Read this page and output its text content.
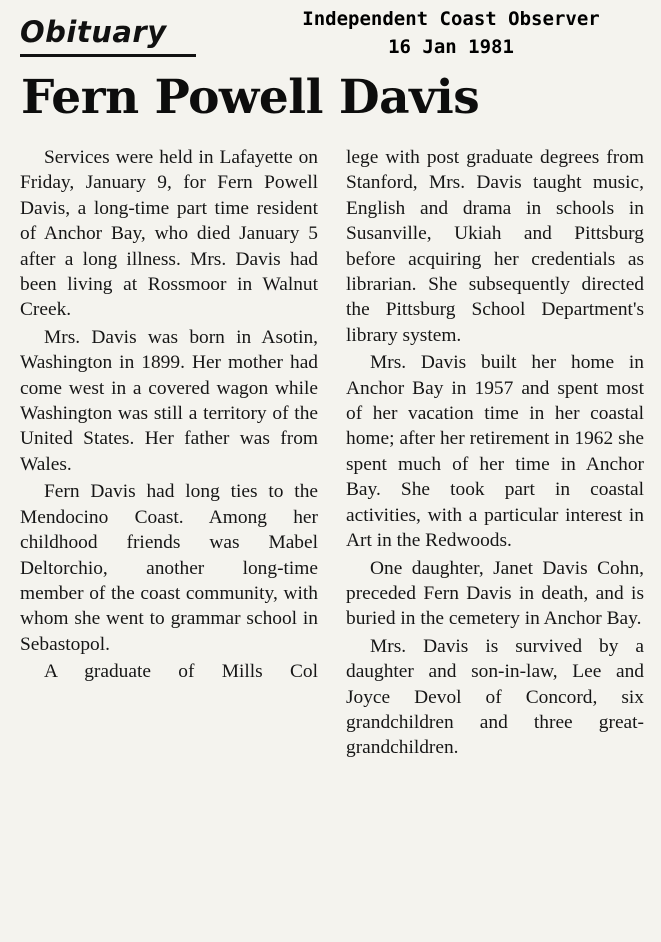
Obituary	Independent Coast Observer
16 Jan 1981
Fern Powell Davis

Services were held in Lafayette on Friday, January 9, for Fern Powell Davis, a long-time part time resident of Anchor Bay, who died January 5 after a long illness. Mrs. Davis had been living at Rossmoor in Walnut Creek.

Mrs. Davis was born in Asotin, Washington in 1899. Her mother had come west in a covered wagon while Washington was still a territory of the United States. Her father was from Wales.

Fern Davis had long ties to the Mendocino Coast. Among her childhood friends was Mabel Deltorchio, another long-time member of the coast community, with whom she went to grammar school in Sebastopol.

A graduate of Mills Col

lege with post graduate degrees from Stanford, Mrs. Davis taught music, English and drama in schools in Susanville, Ukiah and Pittsburg before acquiring her credentials as librarian. She subsequently directed the Pittsburg School Department's library system.

Mrs. Davis built her home in Anchor Bay in 1957 and spent most of her vacation time in her coastal home; after her retirement in 1962 she spent much of her time in Anchor Bay. She took part in coastal activities, with a particular interest in Art in the Redwoods.

One daughter, Janet Davis Cohn, preceded Fern Davis in death, and is buried in the cemetery in Anchor Bay.

Mrs. Davis is survived by a daughter and son-in-law, Lee and Joyce Devol of Concord, six grandchildren and three great-grandchildren.
